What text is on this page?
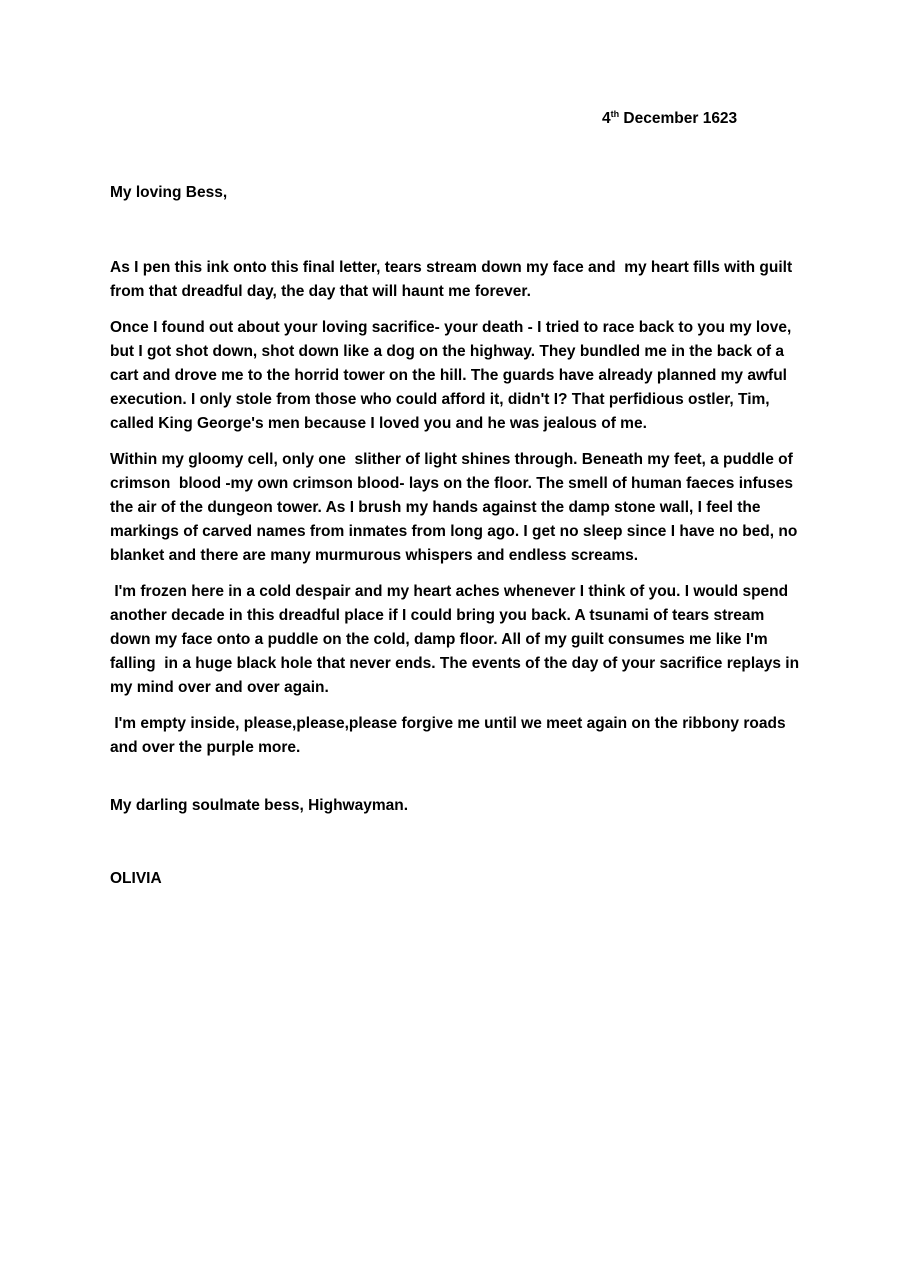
4th December 1623
My loving Bess,

As I pen this ink onto this final letter, tears stream down my face and  my heart fills with guilt from that dreadful day, the day that will haunt me forever.

Once I found out about your loving sacrifice- your death - I tried to race back to you my love, but I got shot down, shot down like a dog on the highway. They bundled me in the back of a cart and drove me to the horrid tower on the hill. The guards have already planned my awful execution. I only stole from those who could afford it, didn't I? That perfidious ostler, Tim, called King George's men because I loved you and he was jealous of me.

Within my gloomy cell, only one  slither of light shines through. Beneath my feet, a puddle of crimson  blood -my own crimson blood- lays on the floor. The smell of human faeces infuses the air of the dungeon tower. As I brush my hands against the damp stone wall, I feel the markings of carved names from inmates from long ago. I get no sleep since I have no bed, no blanket and there are many murmurous whispers and endless screams.

I'm frozen here in a cold despair and my heart aches whenever I think of you. I would spend another decade in this dreadful place if I could bring you back. A tsunami of tears stream down my face onto a puddle on the cold, damp floor. All of my guilt consumes me like I'm falling  in a huge black hole that never ends. The events of the day of your sacrifice replays in my mind over and over again.

I'm empty inside, please,please,please forgive me until we meet again on the ribbony roads and over the purple more.

My darling soulmate bess, Highwayman.
OLIVIA
